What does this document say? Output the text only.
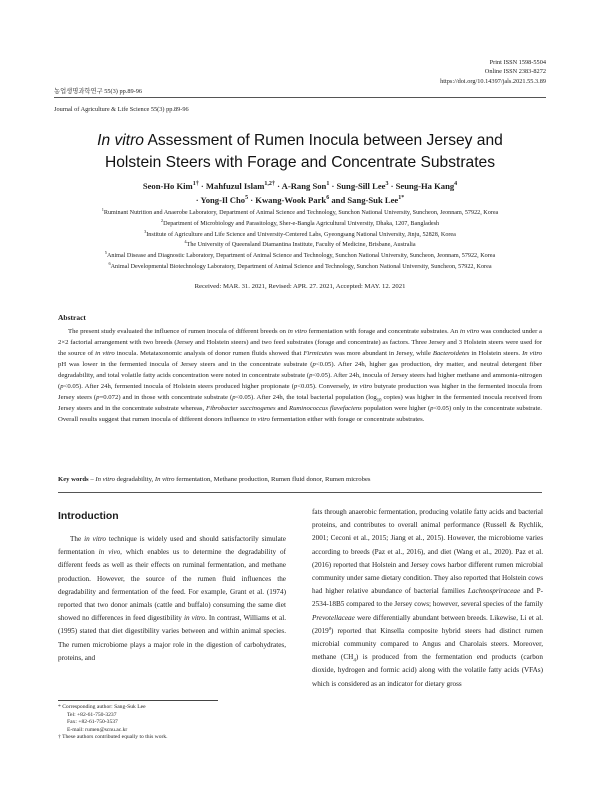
Print ISSN 1598-5504
Online ISSN 2383-8272
https://doi.org/10.14397/jals.2021.55.3.89
농업생명과학연구 55(3) pp.89-96
Journal of Agriculture & Life Science 55(3) pp.89-96
In vitro Assessment of Rumen Inocula between Jersey and
Holstein Steers with Forage and Concentrate Substrates
Seon-Ho Kim$^{1\dagger}$ · Mahfuzul Islam$^{1,2\dagger}$ · A-Rang Son$^1$ · Sung-Sill Lee$^3$ · Seung-Ha Kang$^4$
· Yong-Il Cho$^5$ · Kwang-Wook Park$^6$ and Sang-Suk Lee$^{1*}$
$^1$Ruminant Nutrition and Anaerobe Laboratory, Department of Animal Science and Technology, Sunchon National University, Suncheon, Jeonnam, 57922, Korea
$^2$Department of Microbiology and Parasitology, Sher-e-Bangla Agricultural University, Dhaka, 1207, Bangladesh
$^3$Institute of Agriculture and Life Science and University-Centered Labs, Gyeongsang National University, Jinju, 52828, Korea
$^4$The University of Queensland Diamantina Institute, Faculty of Medicine, Brisbane, Australia
$^5$Animal Disease and Diagnostic Laboratory, Department of Animal Science and Technology, Sunchon National University, Suncheon, Jeonnam, 57922, Korea
$^6$Animal Developmental Biotechnology Laboratory, Department of Animal Science and Technology, Sunchon National University, Suncheon, 57922, Korea
Received: MAR. 31. 2021, Revised: APR. 27. 2021, Accepted: MAY. 12. 2021
Abstract
The present study evaluated the influence of rumen inocula of different breeds on in vitro fermentation with forage and concentrate substrates. An in vitro was conducted under a 2×2 factorial arrangement with two breeds (Jersey and Holstein steers) and two feed substrates (forage and concentrate) as factors. Three Jersey and 3 Holstein steers were used for the source of in vitro inocula. Metataxonomic analysis of donor rumen fluids showed that Firmicutes was more abundant in Jersey, while Bacteroidetes in Holstein steers. In vitro pH was lower in the fermented inocula of Jersey steers and in the concentrate substrate (p<0.05). After 24h, higher gas production, dry matter, and neutral detergent fiber degradability, and total volatile fatty acids concentration were noted in concentrate substrate (p<0.05). After 24h, inocula of Jersey steers had higher methane and ammonia-nitrogen (p<0.05). After 24h, fermented inocula of Holstein steers produced higher propionate (p<0.05). Conversely, in vitro butyrate production was higher in the fermented inocula from Jersey steers (p=0.072) and in those with concentrate substrate (p<0.05). After 24h, the total bacterial population ($\log_{10}$ copies) was higher in the fermented inocula received from Jersey steers and in the concentrate substrate whereas, Fibrobacter succinogenes and Ruminococcus flavefaciens population were higher (p<0.05) only in the concentrate substrate. Overall results suggest that rumen inocula of different donors influence in vitro fermentation either with forage or concentrate substrates.
Key words – In vitro degradability, In vitro fermentation, Methane production, Rumen fluid donor, Rumen microbes
Introduction
The in vitro technique is widely used and should satisfactorily simulate fermentation in vivo, which enables us to determine the degradability of different feeds as well as their effects on ruminal fermentation, and methane production. However, the source of the rumen fluid influences the degradability and fermentation of the feed. For example, Grant et al. (1974) reported that two donor animals (cattle and buffalo) consuming the same diet showed no differences in feed digestibility in vitro. In contrast, Williams et al. (1995) stated that diet digestibility varies between and within animal species. The rumen microbiome plays a major role in the digestion of carbohydrates, proteins, and
fats through anaerobic fermentation, producing volatile fatty acids and bacterial proteins, and contributes to overall animal performance (Russell & Rychlik, 2001; Ceconi et al., 2015; Jiang et al., 2015). However, the microbiome varies according to breeds (Paz et al., 2016), and diet (Wang et al., 2020). Paz et al. (2016) reported that Holstein and Jersey cows harbor different rumen microbial community under same dietary condition. They also reported that Holstein cows had higher relative abundance of bacterial families Lachnospriraceae and P-2534-18B5 compared to the Jersey cows; however, several species of the family Prevotellaceae were differentially abundant between breeds. Likewise, Li et al. (2019$^a$) reported that Kinsella composite hybrid steers had distinct rumen microbial community compared to Angus and Charolais steers. Moreover, methane $(CH_4)$ is produced from the fermentation end products (carbon dioxide, hydrogen and formic acid) along with the volatile fatty acids (VFAs) which is considered as an indicator for dietary gross
* Corresponding author: Sang-Suk Lee
Tel: +82-61-750-3237
Fax: +82-61-750-3537
E-mail: rumen@scnu.ac.kr
† These authors contributed equally to this work.
